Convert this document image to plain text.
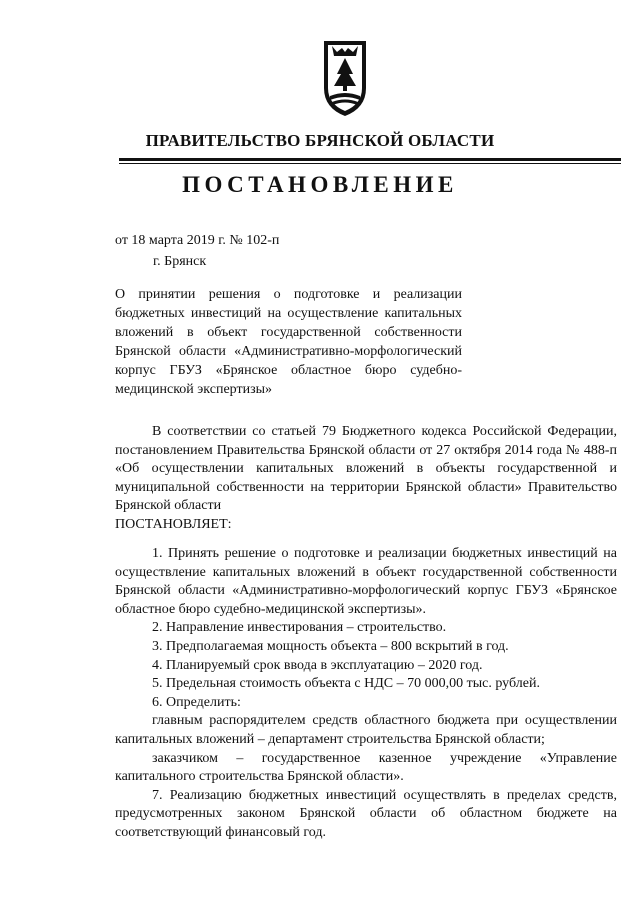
ПРАВИТЕЛЬСТВО БРЯНСКОЙ ОБЛАСТИ
ПОСТАНОВЛЕНИЕ
от 18 марта 2019 г. № 102-п
г. Брянск
О принятии решения о подготовке и реализации бюджетных инвестиций на осуществление капитальных вложений в объект государственной собственности Брянской области «Административно-морфологический корпус ГБУЗ «Брянское областное бюро судебно-медицинской экспертизы»

В соответствии со статьей 79 Бюджетного кодекса Российской Федерации, постановлением Правительства Брянской области от 27 октября 2014 года № 488-п «Об осуществлении капитальных вложений в объекты государственной и муниципальной собственности на территории Брянской области» Правительство Брянской области

ПОСТАНОВЛЯЕТ:

1. Принять решение о подготовке и реализации бюджетных инвестиций на осуществление капитальных вложений в объект государственной собственности Брянской области «Административно-морфологический корпус ГБУЗ «Брянское областное бюро судебно-медицинской экспертизы».

2. Направление инвестирования – строительство.

3. Предполагаемая мощность объекта – 800 вскрытий в год.

4. Планируемый срок ввода в эксплуатацию – 2020 год.

5. Предельная стоимость объекта с НДС – 70 000,00 тыс. рублей.

6. Определить:

главным распорядителем средств областного бюджета при осуществлении капитальных вложений – департамент строительства Брянской области;

заказчиком – государственное казенное учреждение «Управление капитального строительства Брянской области».

7. Реализацию бюджетных инвестиций осуществлять в пределах средств, предусмотренных законом Брянской области об областном бюджете на соответствующий финансовый год.
